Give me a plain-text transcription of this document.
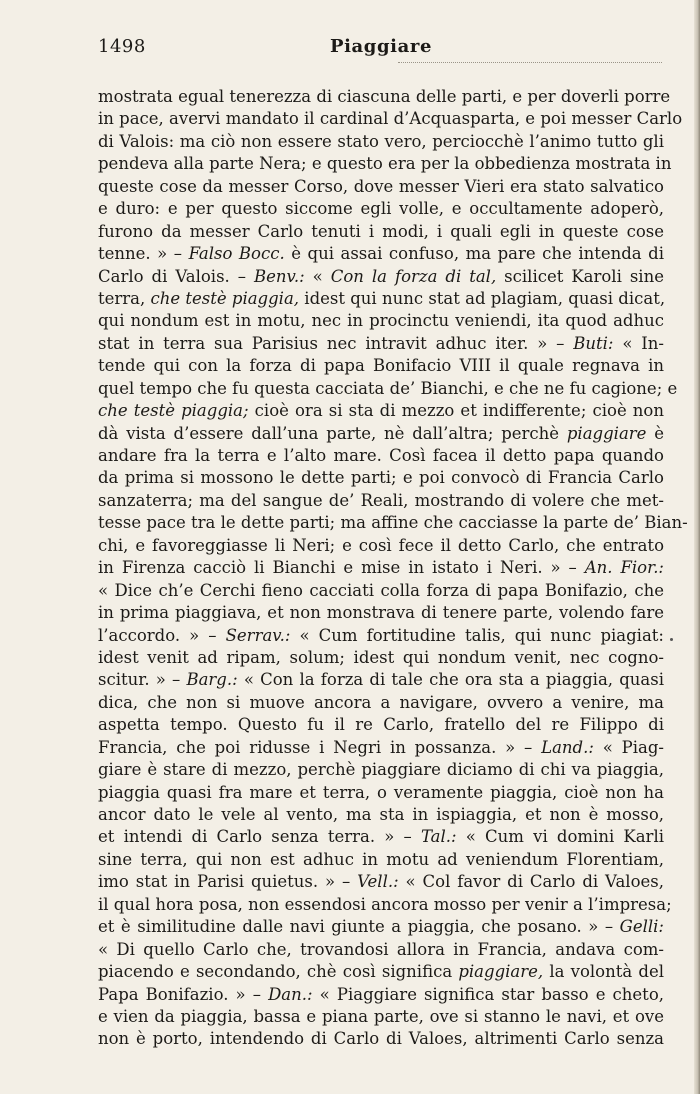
1498	Piaggiare
mostrata egual tenerezza di ciascuna delle parti, e per doverli porre
in pace, avervi mandato il cardinal d’Acquasparta, e poi messer Carlo
di Valois: ma ciò non essere stato vero, perciocchè l’animo tutto gli
pendeva alla parte Nera; e questo era per la obbedienza mostrata in
queste cose da messer Corso, dove messer Vieri era stato salvatico
e duro: e per questo siccome egli volle, e occultamente adoperò,
furono da messer Carlo tenuti i modi, i quali egli in queste cose
tenne. » – Falso Bocc. è qui assai confuso, ma pare che intenda di
Carlo di Valois. – Benv.: « Con la forza di tal, scilicet Karoli sine
terra, che testè piaggia, idest qui nunc stat ad plagiam, quasi dicat,
qui nondum est in motu, nec in procinctu veniendi, ita quod adhuc
stat in terra sua Parisius nec intravit adhuc iter. » – Buti: « In-
tende qui con la forza di papa Bonifacio VIII il quale regnava in
quel tempo che fu questa cacciata de’ Bianchi, e che ne fu cagione; e
che testè piaggia; cioè ora si sta di mezzo et indifferente; cioè non
dà vista d’essere dall’una parte, nè dall’altra; perchè piaggiare è
andare fra la terra e l’alto mare. Così facea il detto papa quando
da prima si mossono le dette parti; e poi convocò di Francia Carlo
sanzaterra; ma del sangue de’ Reali, mostrando di volere che met-
tesse pace tra le dette parti; ma affine che cacciasse la parte de’ Bian-
chi, e favoreggiasse li Neri; e così fece il detto Carlo, che entrato
in Firenza cacciò li Bianchi e mise in istato i Neri. » – An. Fior.:
« Dice ch’e Cerchi fieno cacciati colla forza di papa Bonifazio, che
in prima piaggiava, et non monstrava di tenere parte, volendo fare
l’accordo. » – Serrav.: « Cum fortitudine talis, qui nunc piagiat:
idest venit ad ripam, solum; idest qui nondum venit, nec cogno-
scitur. » – Barg.: « Con la forza di tale che ora sta a piaggia, quasi
dica, che non si muove ancora a navigare, ovvero a venire, ma
aspetta tempo. Questo fu il re Carlo, fratello del re Filippo di
Francia, che poi ridusse i Negri in possanza. » – Land.: « Piag-
giare è stare di mezzo, perchè piaggiare diciamo di chi va piaggia,
piaggia quasi fra mare et terra, o veramente piaggia, cioè non ha
ancor dato le vele al vento, ma sta in ispiaggia, et non è mosso,
et intendi di Carlo senza terra. » – Tal.: « Cum vi domini Karli
sine terra, qui non est adhuc in motu ad veniendum Florentiam,
imo stat in Parisi quietus. » – Vell.: « Col favor di Carlo di Valoes,
il qual hora posa, non essendosi ancora mosso per venir a l’impresa;
et è similitudine dalle navi giunte a piaggia, che posano. » – Gelli:
« Di quello Carlo che, trovandosi allora in Francia, andava com-
piacendo e secondando, chè così significa piaggiare, la volontà del
Papa Bonifazio. » – Dan.: « Piaggiare significa star basso e cheto,
e vien da piaggia, bassa e piana parte, ove si stanno le navi, et ove
non è porto, intendendo di Carlo di Valoes, altrimenti Carlo senza
